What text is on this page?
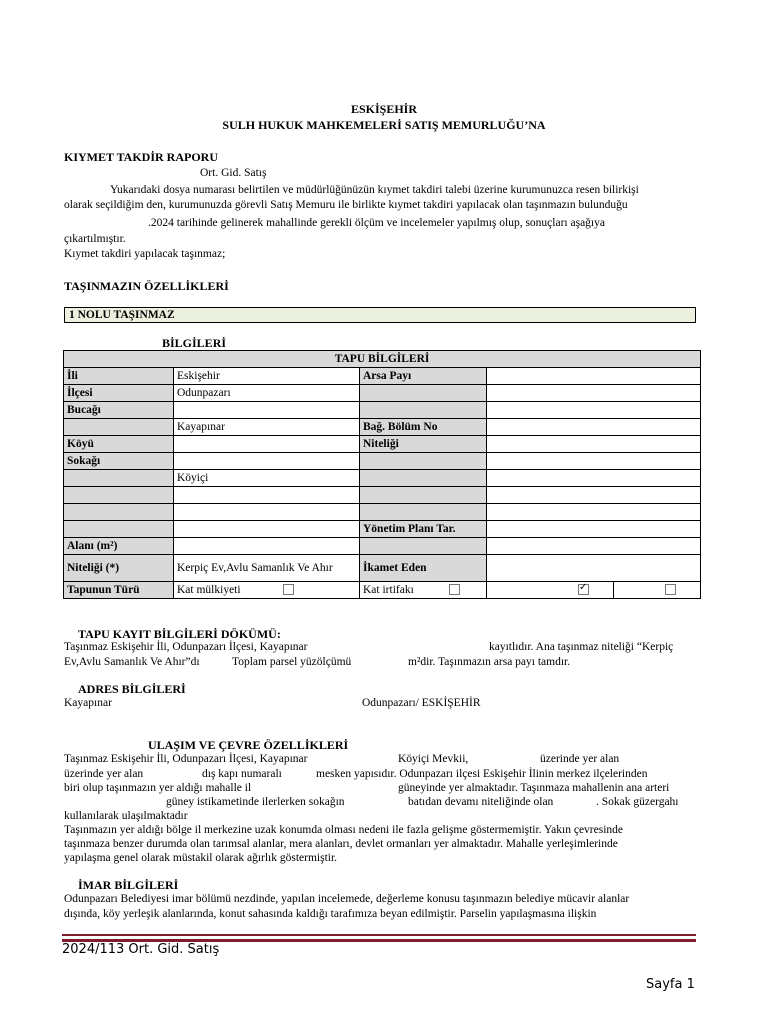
ESKİŞEHİR
SULH HUKUK MAHKEMELERİ SATIŞ MEMURLUĞU’NA
KIYMET TAKDİR RAPORU
Ort. Gid. Satış
Yukarıdaki dosya numarası belirtilen ve müdürlüğünüzün kıymet takdiri talebi üzerine kurumunuzca resen bilirkişi
olarak seçildiğim den, kurumunuzda görevli Satış Memuru ile birlikte kıymet takdiri yapılacak olan taşınmazın bulunduğu
.2024 tarihinde gelinerek mahallinde gerekli ölçüm ve incelemeler yapılmış olup, sonuçları aşağıya
çıkartılmıştır.
Kıymet takdiri yapılacak taşınmaz;
TAŞINMAZIN ÖZELLİKLERİ
1 NOLU TAŞINMAZ
BİLGİLERİ
TAPU BİLGİLERİ				
İli	Eskişehir	Arsa Payı		
İlçesi	Odunpazarı			
Bucağı				
	Kayapınar	Bağ. Bölüm No		
Köyü		Niteliği		
Sokağı				
	Köyiçi			

		Yönetim Planı Tar.		
Alanı (m²)				
Niteliği (*)	Kerpiç Ev,Avlu Samanlık Ve Ahır	İkamet Eden		
Tapunun Türü	Kat mülkiyeti	Kat irtifakı	✓	
TAPU KAYIT BİLGİLERİ DÖKÜMÜ:
Taşınmaz Eskişehir İli, Odunpazarı İlçesi, Kayapınar	kayıtlıdır. Ana taşınmaz niteliği “Kerpiç
Ev,Avlu Samanlık Ve Ahır”dı	Toplam parsel yüzölçümü	m²dir. Taşınmazın arsa payı tamdır.
ADRES BİLGİLERİ
Kayapınar	Odunpazarı/ ESKİŞEHİR
ULAŞIM VE ÇEVRE ÖZELLİKLERİ
Taşınmaz Eskişehir İli, Odunpazarı İlçesi, Kayapınar	Köyiçi Mevkii,	üzerinde yer alan
üzerinde yer alan	dış kapı numaralı	mesken yapısıdır. Odunpazarı ilçesi Eskişehir İlinin merkez ilçelerinden
biri olup taşınmazın yer aldığı mahalle il	güneyinde yer almaktadır. Taşınmaza mahallenin ana arteri
güney istikametinde ilerlerken sokağın	batıdan devamı niteliğinde olan	. Sokak güzergahı
kullanılarak ulaşılmaktadır
Taşınmazın yer aldığı bölge il merkezine uzak konumda olması nedeni ile fazla gelişme göstermemiştir. Yakın çevresinde
taşınmaza benzer durumda olan tarımsal alanlar, mera alanları, devlet ormanları yer almaktadır. Mahalle yerleşimlerinde
yapılaşma genel olarak müstakil olarak ağırlık göstermiştir.
İMAR BİLGİLERİ
Odunpazarı Belediyesi imar bölümü nezdinde, yapılan incelemede, değerleme konusu taşınmazın belediye mücavir alanlar
dışında, köy yerleşik alanlarında, konut sahasında kaldığı tarafımıza beyan edilmiştir. Parselin yapılaşmasına ilişkin
2024/113 Ort. Gid. Satış
Sayfa 1
